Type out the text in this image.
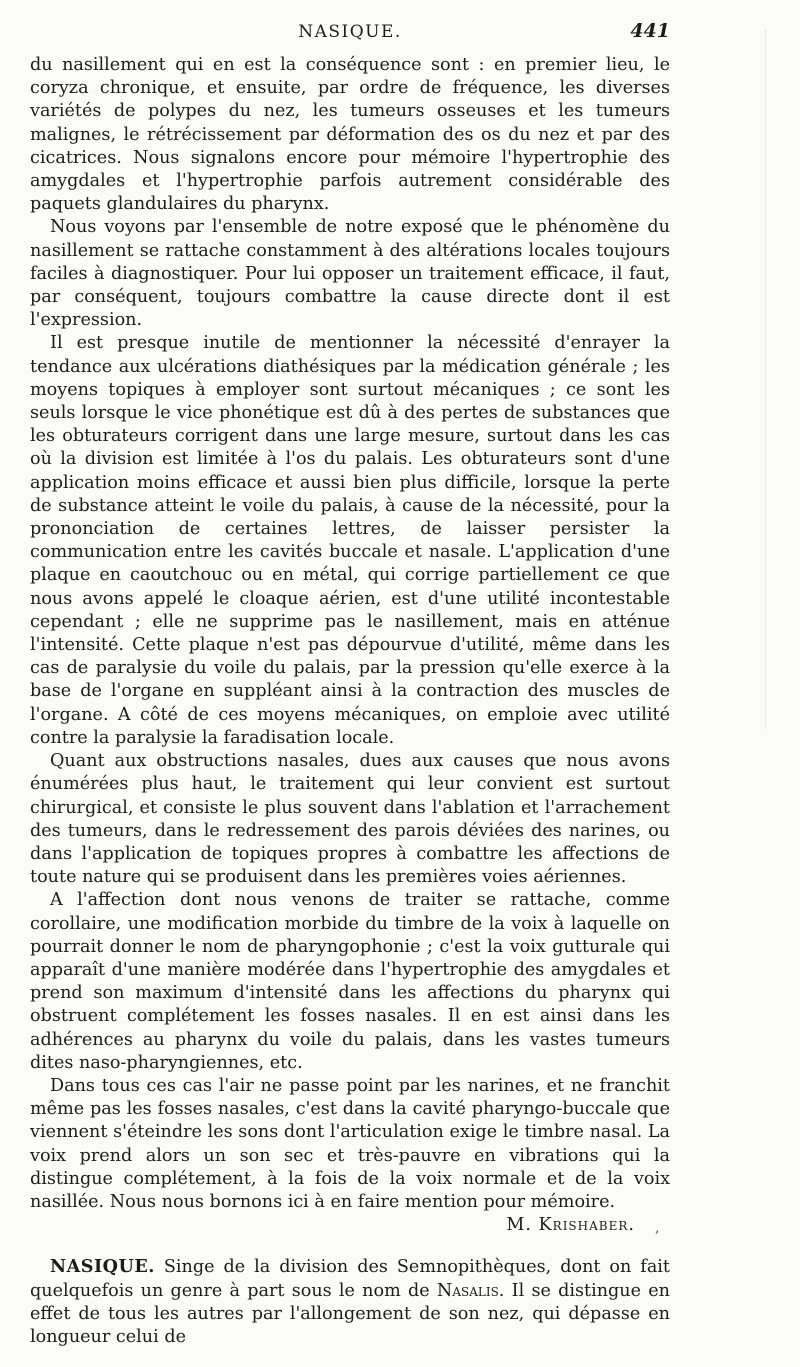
NASIQUE.	441

du nasillement qui en est la conséquence sont : en premier lieu, le coryza chronique, et ensuite, par ordre de fréquence, les diverses variétés de polypes du nez, les tumeurs osseuses et les tumeurs malignes, le rétrécissement par déformation des os du nez et par des cicatrices. Nous signalons encore pour mémoire l'hypertrophie des amygdales et l'hypertrophie parfois autrement considérable des paquets glandulaires du pharynx.

Nous voyons par l'ensemble de notre exposé que le phénomène du nasillement se rattache constamment à des altérations locales toujours faciles à diagnostiquer. Pour lui opposer un traitement efficace, il faut, par conséquent, toujours combattre la cause directe dont il est l'expression.

Il est presque inutile de mentionner la nécessité d'enrayer la tendance aux ulcérations diathésiques par la médication générale ; les moyens topiques à employer sont surtout mécaniques ; ce sont les seuls lorsque le vice phonétique est dû à des pertes de substances que les obturateurs corrigent dans une large mesure, surtout dans les cas où la division est limitée à l'os du palais. Les obturateurs sont d'une application moins efficace et aussi bien plus difficile, lorsque la perte de substance atteint le voile du palais, à cause de la nécessité, pour la prononciation de certaines lettres, de laisser persister la communication entre les cavités buccale et nasale. L'application d'une plaque en caoutchouc ou en métal, qui corrige partiellement ce que nous avons appelé le cloaque aérien, est d'une utilité incontestable cependant ; elle ne supprime pas le nasillement, mais en atténue l'intensité. Cette plaque n'est pas dépourvue d'utilité, même dans les cas de paralysie du voile du palais, par la pression qu'elle exerce à la base de l'organe en suppléant ainsi à la contraction des muscles de l'organe. A côté de ces moyens mécaniques, on emploie avec utilité contre la paralysie la faradisation locale.

Quant aux obstructions nasales, dues aux causes que nous avons énumérées plus haut, le traitement qui leur convient est surtout chirurgical, et consiste le plus souvent dans l'ablation et l'arrachement des tumeurs, dans le redressement des parois déviées des narines, ou dans l'application de topiques propres à combattre les affections de toute nature qui se produisent dans les premières voies aériennes.

A l'affection dont nous venons de traiter se rattache, comme corollaire, une modification morbide du timbre de la voix à laquelle on pourrait donner le nom de pharyngophonie ; c'est la voix gutturale qui apparaît d'une manière modérée dans l'hypertrophie des amygdales et prend son maximum d'intensité dans les affections du pharynx qui obstruent complétement les fosses nasales. Il en est ainsi dans les adhérences au pharynx du voile du palais, dans les vastes tumeurs dites naso-pharyngiennes, etc.

Dans tous ces cas l'air ne passe point par les narines, et ne franchit même pas les fosses nasales, c'est dans la cavité pharyngo-buccale que viennent s'éteindre les sons dont l'articulation exige le timbre nasal. La voix prend alors un son sec et très-pauvre en vibrations qui la distingue complétement, à la fois de la voix normale et de la voix nasillée. Nous nous bornons ici à en faire mention pour mémoire.

M. Krishaber.

NASIQUE. Singe de la division des Semnopithèques, dont on fait quelquefois un genre à part sous le nom de Nasalis. Il se distingue en effet de tous les autres par l'allongement de son nez, qui dépasse en longueur celui de

,
